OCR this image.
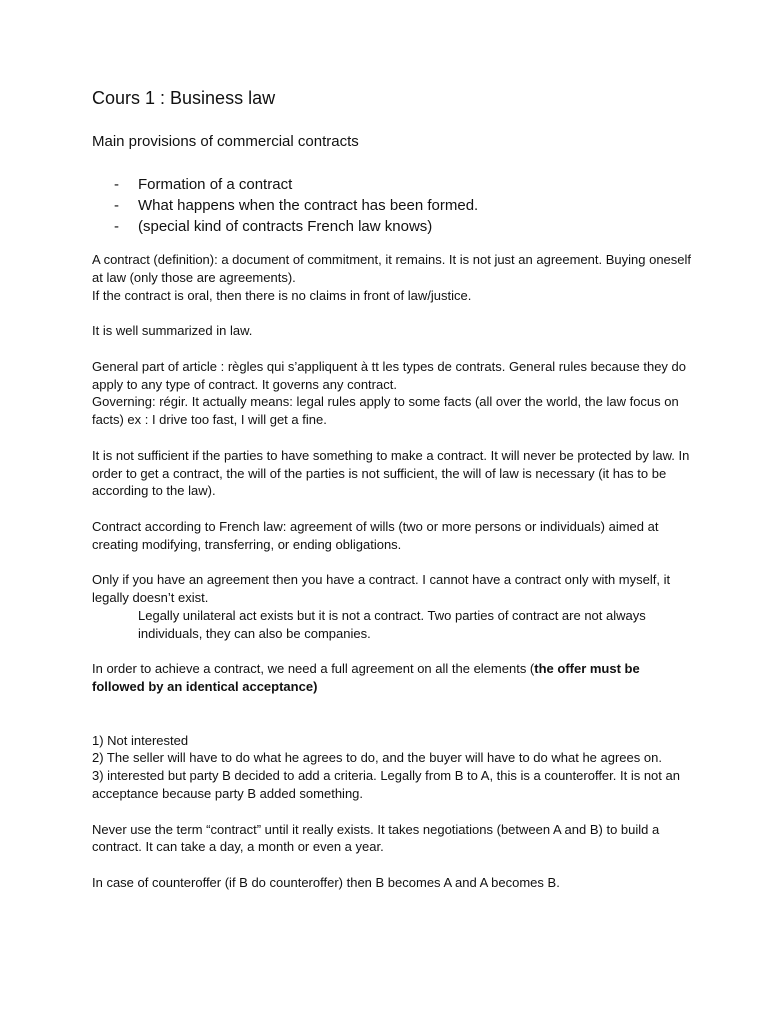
Cours 1 : Business law
Main provisions of commercial contracts
- Formation of a contract
- What happens when the contract has been formed.
- (special kind of contracts French law knows)

A contract (definition): a document of commitment, it remains. It is not just an agreement. Buying oneself at law (only those are agreements).

If the contract is oral, then there is no claims in front of law/justice.

It is well summarized in law.

General part of article : règles qui s’appliquent à tt les types de contrats. General rules because they do apply to any type of contract. It governs any contract.

Governing: régir. It actually means: legal rules apply to some facts (all over the world, the law focus on facts) ex : I drive too fast, I will get a fine.

It is not sufficient if the parties to have something to make a contract. It will never be protected by law. In order to get a contract, the will of the parties is not sufficient, the will of law is necessary (it has to be according to the law).

Contract according to French law: agreement of wills (two or more persons or individuals) aimed at creating modifying, transferring, or ending obligations.

Only if you have an agreement then you have a contract. I cannot have a contract only with myself, it legally doesn’t exist.

Legally unilateral act exists but it is not a contract. Two parties of contract are not always individuals, they can also be companies.

In order to achieve a contract, we need a full agreement on all the elements (the offer must be followed by an identical acceptance)

1) Not interested

2) The seller will have to do what he agrees to do, and the buyer will have to do what he agrees on.

3) interested but party B decided to add a criteria. Legally from B to A, this is a counteroffer. It is not an acceptance because party B added something.

Never use the term “contract” until it really exists. It takes negotiations (between A and B) to build a contract. It can take a day, a month or even a year.

In case of counteroffer (if B do counteroffer) then B becomes A and A becomes B.
